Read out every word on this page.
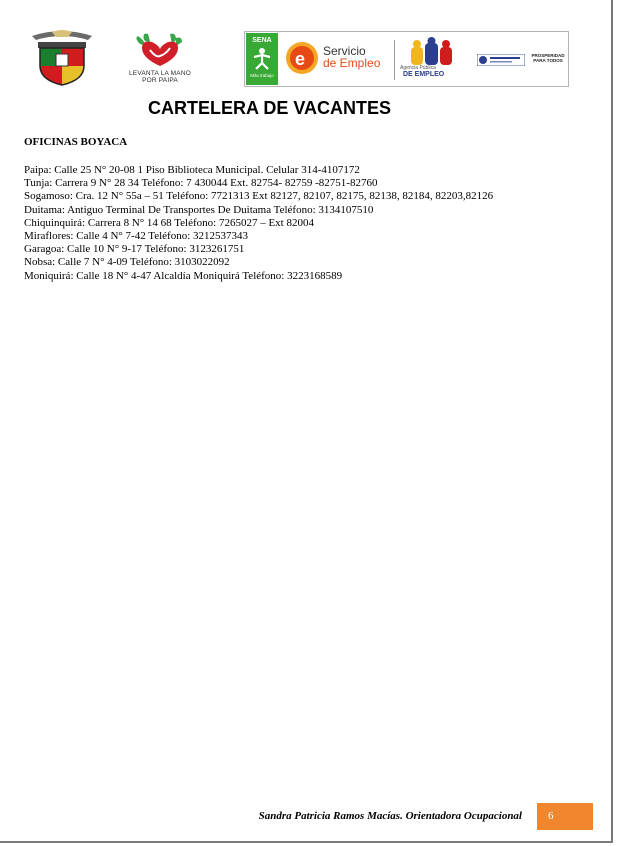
LEVANTA LA MANO
POR PAIPA
SENA
Más trabajo
e Servicio
de Empleo	Agencia Pública
DE EMPLEO
PROSPERIDAD
PARA TODOS
CARTELERA DE VACANTES
OFICINAS BOYACA
Paipa: Calle 25 N° 20-08 1 Piso Biblioteca Municipal. Celular 314-4107172
Tunja: Carrera 9 N° 28 34 Teléfono: 7 430044 Ext. 82754- 82759 -82751-82760
Sogamoso: Cra. 12 N° 55a – 51 Teléfono: 7721313 Ext 82127, 82107, 82175, 82138, 82184, 82203,82126
Duitama: Antiguo Terminal De Transportes De Duitama Teléfono: 3134107510
Chiquinquirá: Carrera 8 N° 14 68 Teléfono: 7265027 – Ext 82004
Miraflores: Calle 4 N° 7-42 Teléfono: 3212537343
Garagoa: Calle 10 N° 9-17 Teléfono: 3123261751
Nobsa: Calle 7 N° 4-09 Teléfono: 3103022092
Moniquirá: Calle 18 N° 4-47 Alcaldía Moniquirá Teléfono: 3223168589
Sandra Patricia Ramos Macías. Orientadora Ocupacional 6
